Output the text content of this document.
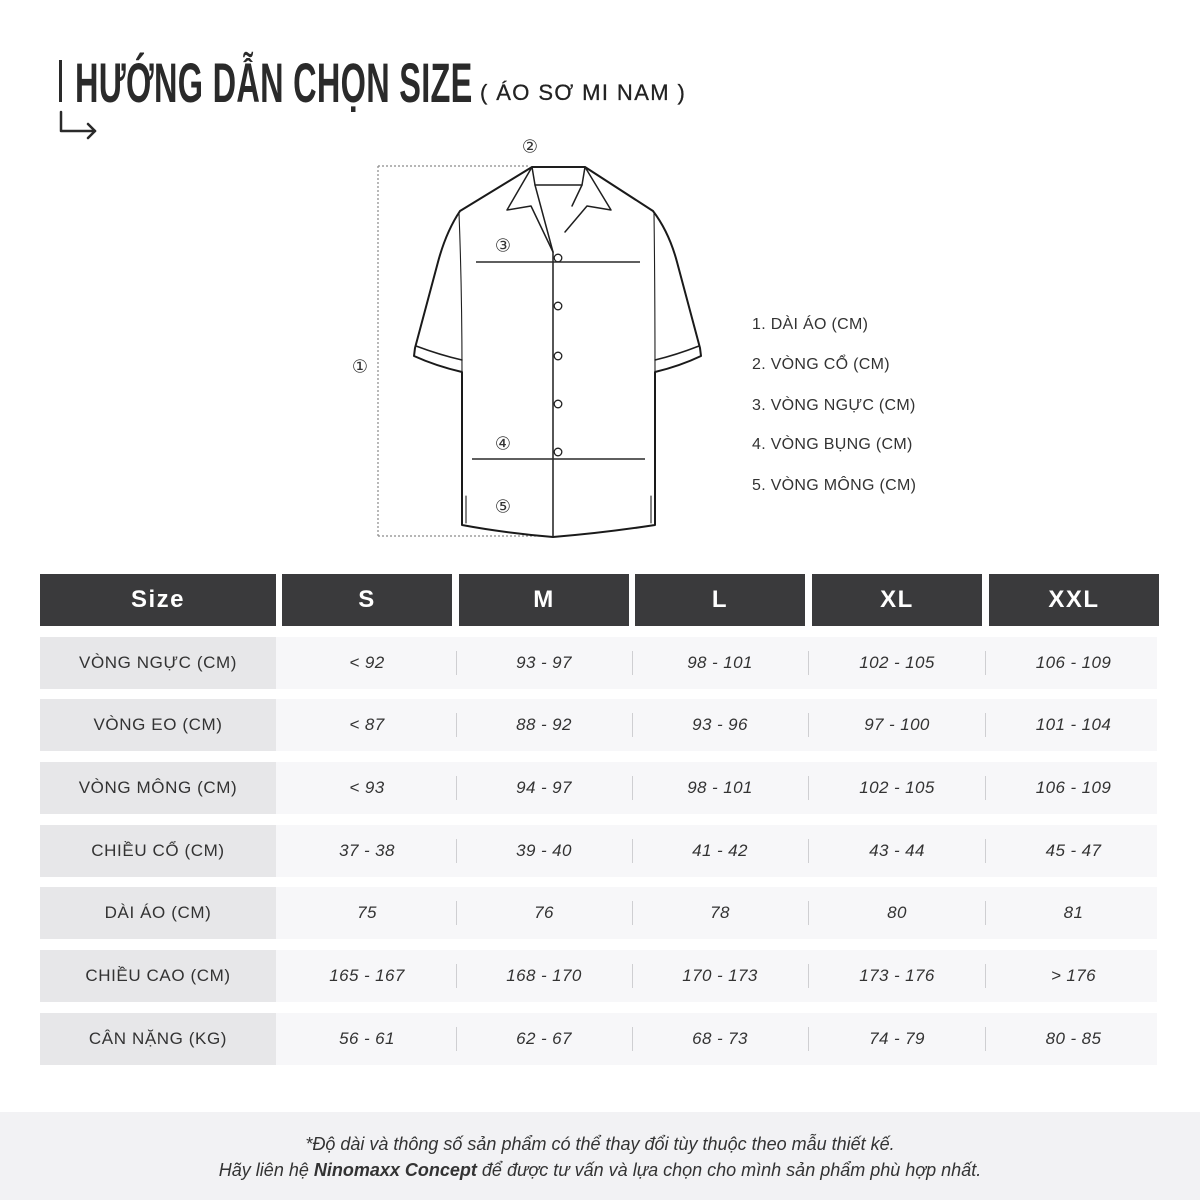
HƯỚNG DẪN CHỌN SIZE ( ÁO SƠ MI NAM )
①
②
③
④
⑤
1. DÀI ÁO (CM)
2. VÒNG CỔ (CM)
3. VÒNG NGỰC (CM)
4. VÒNG BỤNG (CM)
5. VÒNG MÔNG (CM)
Size	S	M	L	XL	XXL
VÒNG NGỰC (CM)	< 92	93 - 97	98 - 101	102 - 105	106 - 109
VÒNG EO (CM)	< 87	88 - 92	93 - 96	97 - 100	101 - 104
VÒNG MÔNG (CM)	< 93	94 - 97	98 - 101	102 - 105	106 - 109
CHIỀU CỔ (CM)	37 - 38	39 - 40	41 - 42	43 - 44	45 - 47
DÀI ÁO (CM)	75	76	78	80	81
CHIỀU CAO (CM)	165 - 167	168 - 170	170 - 173	173 - 176	> 176
CÂN NẶNG (KG)	56 - 61	62 - 67	68 - 73	74 - 79	80 - 85
*Độ dài và thông số sản phẩm có thể thay đổi tùy thuộc theo mẫu thiết kế.
Hãy liên hệ Ninomaxx Concept để được tư vấn và lựa chọn cho mình sản phẩm phù hợp nhất.
